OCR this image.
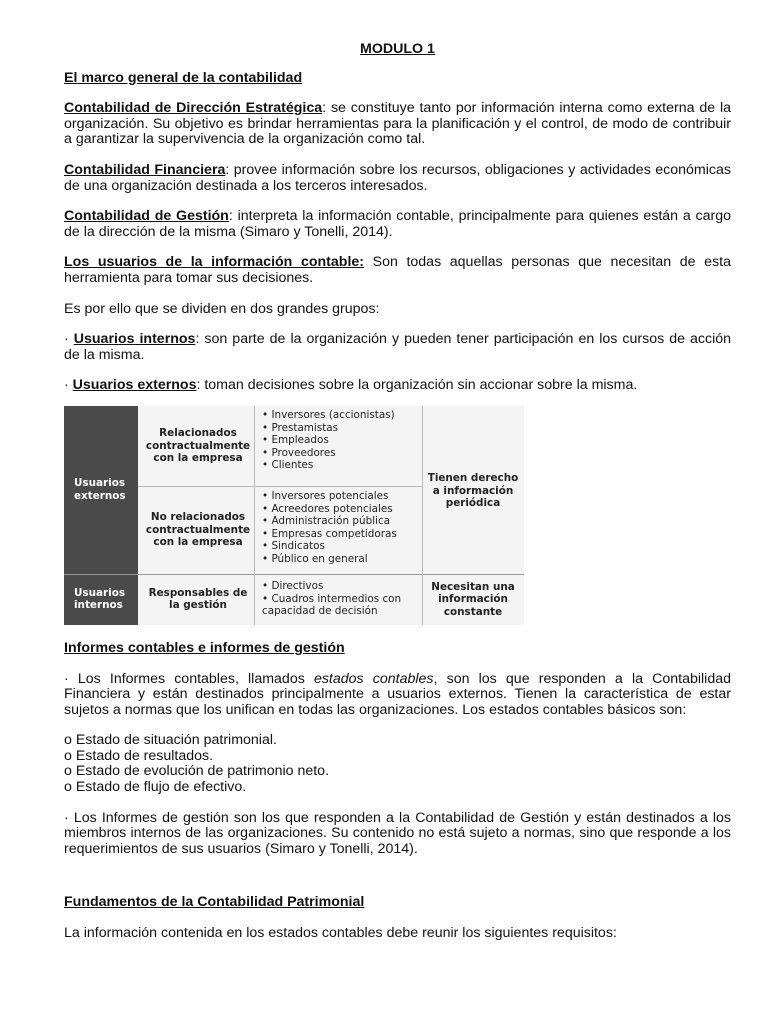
MODULO 1
El marco general de la contabilidad

Contabilidad de Dirección Estratégica: se constituye tanto por información interna como externa de la organización. Su objetivo es brindar herramientas para la planificación y el control, de modo de contribuir a garantizar la supervivencia de la organización como tal.

Contabilidad Financiera: provee información sobre los recursos, obligaciones y actividades económicas de una organización destinada a los terceros interesados.

Contabilidad de Gestión: interpreta la información contable, principalmente para quienes están a cargo de la dirección de la misma (Simaro y Tonelli, 2014).

Los usuarios de la información contable: Son todas aquellas personas que necesitan de esta herramienta para tomar sus decisiones.

Es por ello que se dividen en dos grandes grupos:

· Usuarios internos: son parte de la organización y pueden tener participación en los cursos de acción de la misma.

· Usuarios externos: toman decisiones sobre la organización sin accionar sobre la misma.

Usuarios externos
Usuarios internos
Relacionados contractualmente con la empresa
No relacionados contractualmente con la empresa
Responsables de la gestión
• Inversores (accionistas)
• Prestamistas
• Empleados
• Proveedores
• Clientes
• Inversores potenciales
• Acreedores potenciales
• Administración pública
• Empresas competidoras
• Sindicatos
• Público en general
• Directivos
• Cuadros intermedios con capacidad de decisión
Tienen derecho a información periódica
Necesitan una información constante
Informes contables e informes de gestión

· Los Informes contables, llamados estados contables, son los que responden a la Contabilidad Financiera y están destinados principalmente a usuarios externos. Tienen la característica de estar sujetos a normas que los unifican en todas las organizaciones. Los estados contables básicos son:

o Estado de situación patrimonial.
o Estado de resultados.
o Estado de evolución de patrimonio neto.
o Estado de flujo de efectivo.

· Los Informes de gestión son los que responden a la Contabilidad de Gestión y están destinados a los miembros internos de las organizaciones. Su contenido no está sujeto a normas, sino que responde a los requerimientos de sus usuarios (Simaro y Tonelli, 2014).

Fundamentos de la Contabilidad Patrimonial

La información contenida en los estados contables debe reunir los siguientes requisitos:
